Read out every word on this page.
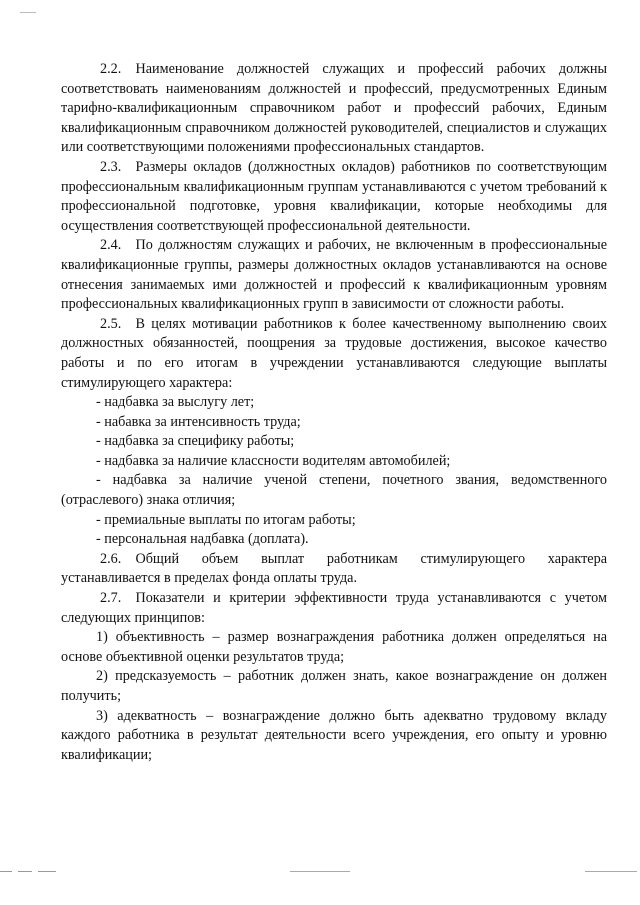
2.2. Наименование должностей служащих и профессий рабочих должны соответствовать наименованиям должностей и профессий, предусмотренных Единым тарифно-квалификационным справочником работ и профессий рабочих, Единым квалификационным справочником должностей руководителей, специалистов и служащих или соответствующими положениями профессиональных стандартов.

2.3. Размеры окладов (должностных окладов) работников по соответствующим профессиональным квалификационным группам устанавливаются с учетом требований к профессиональной подготовке, уровня квалификации, которые необходимы для осуществления соответствующей профессиональной деятельности.

2.4. По должностям служащих и рабочих, не включенным в профессиональные квалификационные группы, размеры должностных окладов устанавливаются на основе отнесения занимаемых ими должностей и профессий к квалификационным уровням профессиональных квалификационных групп в зависимости от сложности работы.

2.5. В целях мотивации работников к более качественному выполнению своих должностных обязанностей, поощрения за трудовые достижения, высокое качество работы и по его итогам в учреждении устанавливаются следующие выплаты стимулирующего характера:

- надбавка за выслугу лет;

- набавка за интенсивность труда;

- надбавка за специфику работы;

- надбавка за наличие классности водителям автомобилей;

- надбавка за наличие ученой степени, почетного звания, ведомственного (отраслевого) знака отличия;

- премиальные выплаты по итогам работы;

- персональная надбавка (доплата).

2.6. Общий объем выплат работникам стимулирующего характера устанавливается в пределах фонда оплаты труда.

2.7. Показатели и критерии эффективности труда устанавливаются с учетом следующих принципов:

1) объективность – размер вознаграждения работника должен определяться на основе объективной оценки результатов труда;

2) предсказуемость – работник должен знать, какое вознаграждение он должен получить;

3) адекватность – вознаграждение должно быть адекватно трудовому вкладу каждого работника в результат деятельности всего учреждения, его опыту и уровню квалификации;
